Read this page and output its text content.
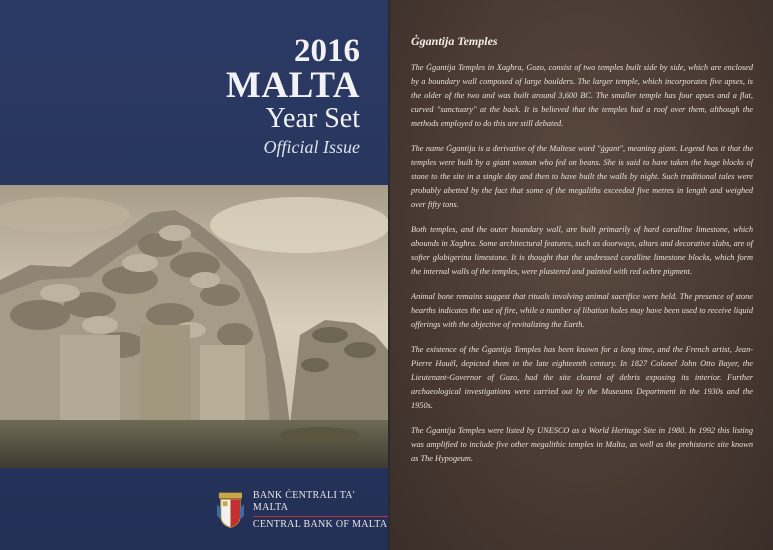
2016
MALTA
Year Set
Official Issue
BANK ĊENTRALI TA' MALTA
CENTRAL BANK OF MALTA
Ġgantija Temples

The Ġgantija Temples in Xagħra, Gozo, consist of two temples built side by side, which are enclosed by a boundary wall composed of large boulders. The larger temple, which incorporates five apses, is the older of the two and was built around 3,600 BC. The smaller temple has four apses and a flat, curved "sanctuary" at the back. It is believed that the temples had a roof over them, although the methods employed to do this are still debated.

The name Ġgantija is a derivative of the Maltese word "ġgant", meaning giant. Legend has it that the temples were built by a giant woman who fed on beans. She is said to have taken the huge blocks of stone to the site in a single day and then to have built the walls by night. Such traditional tales were probably abetted by the fact that some of the megaliths exceeded five metres in length and weighed over fifty tons.

Both temples, and the outer boundary wall, are built primarily of hard coralline limestone, which abounds in Xagħra. Some architectural features, such as doorways, altars and decorative slabs, are of softer globigerina limestone. It is thought that the undressed coralline limestone blocks, which form the internal walls of the temples, were plastered and painted with red ochre pigment.

Animal bone remains suggest that rituals involving animal sacrifice were held. The presence of stone hearths indicates the use of fire, while a number of libation holes may have been used to receive liquid offerings with the objective of revitalizing the Earth.

The existence of the Ġgantija Temples has been known for a long time, and the French artist, Jean-Pierre Houël, depicted them in the late eighteenth century. In 1827 Colonel John Otto Bayer, the Lieutenant-Governor of Gozo, had the site cleared of debris exposing its interior. Further archaeological investigations were carried out by the Museums Department in the 1930s and the 1950s.

The Ġgantija Temples were listed by UNESCO as a World Heritage Site in 1980. In 1992 this listing was amplified to include five other megalithic temples in Malta, as well as the prehistoric site known as The Hypogeum.
